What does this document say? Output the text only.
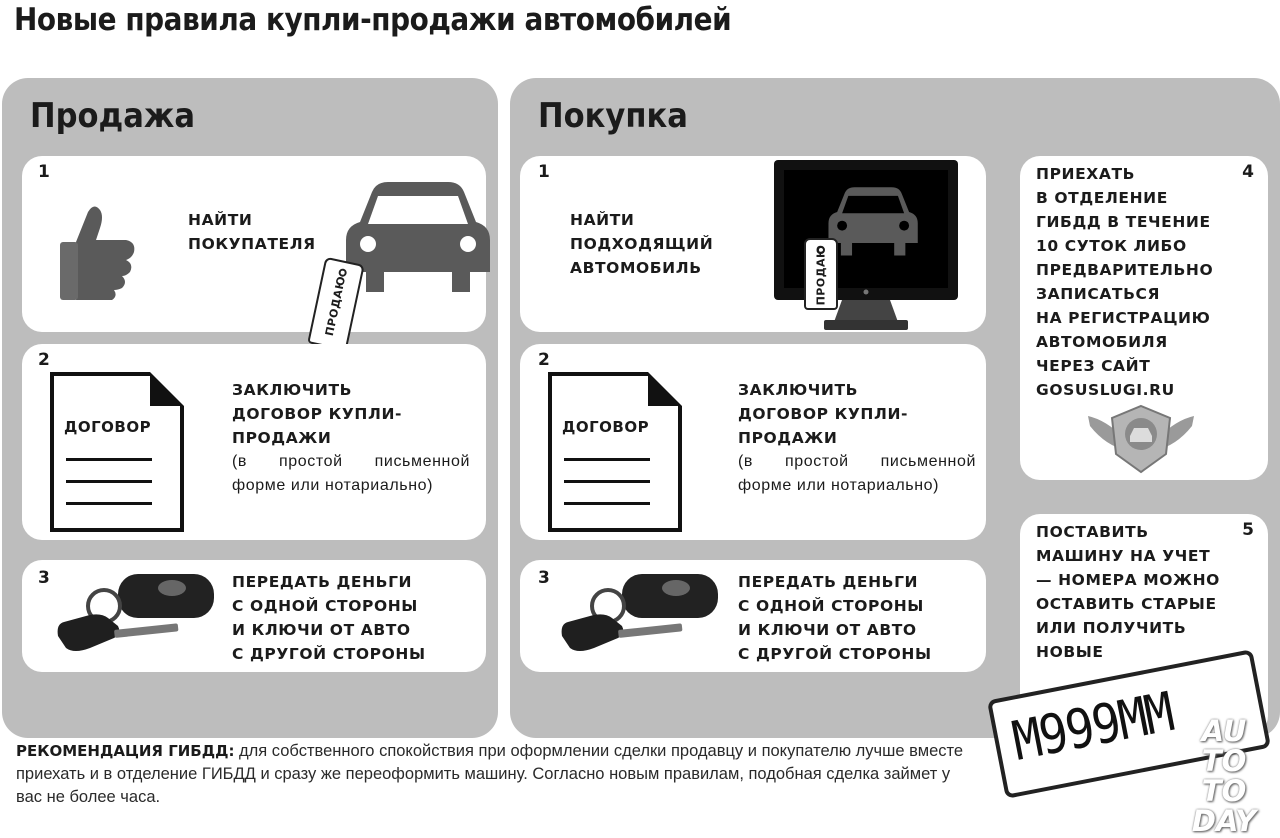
Новые правила купли-продажи автомобилей
Продажа
1
НАЙТИ
ПОКУПАТЕЛЯ
ПРОДАЮ
2
ДОГОВОР
ЗАКЛЮЧИТЬ
ДОГОВОР КУПЛИ-
ПРОДАЖИ
(в простой письменной форме или нотариально)
3	ПЕРЕДАТЬ ДЕНЬГИ
С ОДНОЙ СТОРОНЫ
И КЛЮЧИ ОТ АВТО
С ДРУГОЙ СТОРОНЫ
Покупка
1
НАЙТИ
ПОДХОДЯЩИЙ
АВТОМОБИЛЬ	ПРОДАЮ
2
ДОГОВОР
ЗАКЛЮЧИТЬ
ДОГОВОР КУПЛИ-
ПРОДАЖИ
(в простой письменной форме или нотариально)
3	ПЕРЕДАТЬ ДЕНЬГИ
С ОДНОЙ СТОРОНЫ
И КЛЮЧИ ОТ АВТО
С ДРУГОЙ СТОРОНЫ
4
ПРИЕХАТЬ
В ОТДЕЛЕНИЕ
ГИБДД В ТЕЧЕНИЕ
10 СУТОК ЛИБО
ПРЕДВАРИТЕЛЬНО
ЗАПИСАТЬСЯ
НА РЕГИСТРАЦИЮ
АВТОМОБИЛЯ
ЧЕРЕЗ САЙТ
GOSUSLUGI.RU
5
ПОСТАВИТЬ
МАШИНУ НА УЧЕТ
— НОМЕРА МОЖНО
ОСТАВИТЬ СТАРЫЕ
ИЛИ ПОЛУЧИТЬ
НОВЫЕ
М999ММ
РЕКОМЕНДАЦИЯ ГИБДД: для собственного спокойствия при оформлении сделки продавцу и покупателю лучше вместе приехать и в отделение ГИБДД и сразу же переоформить машину. Согласно новым правилам, подобная сделка займет у вас не более часа.
AU
TO
TO
DAY
